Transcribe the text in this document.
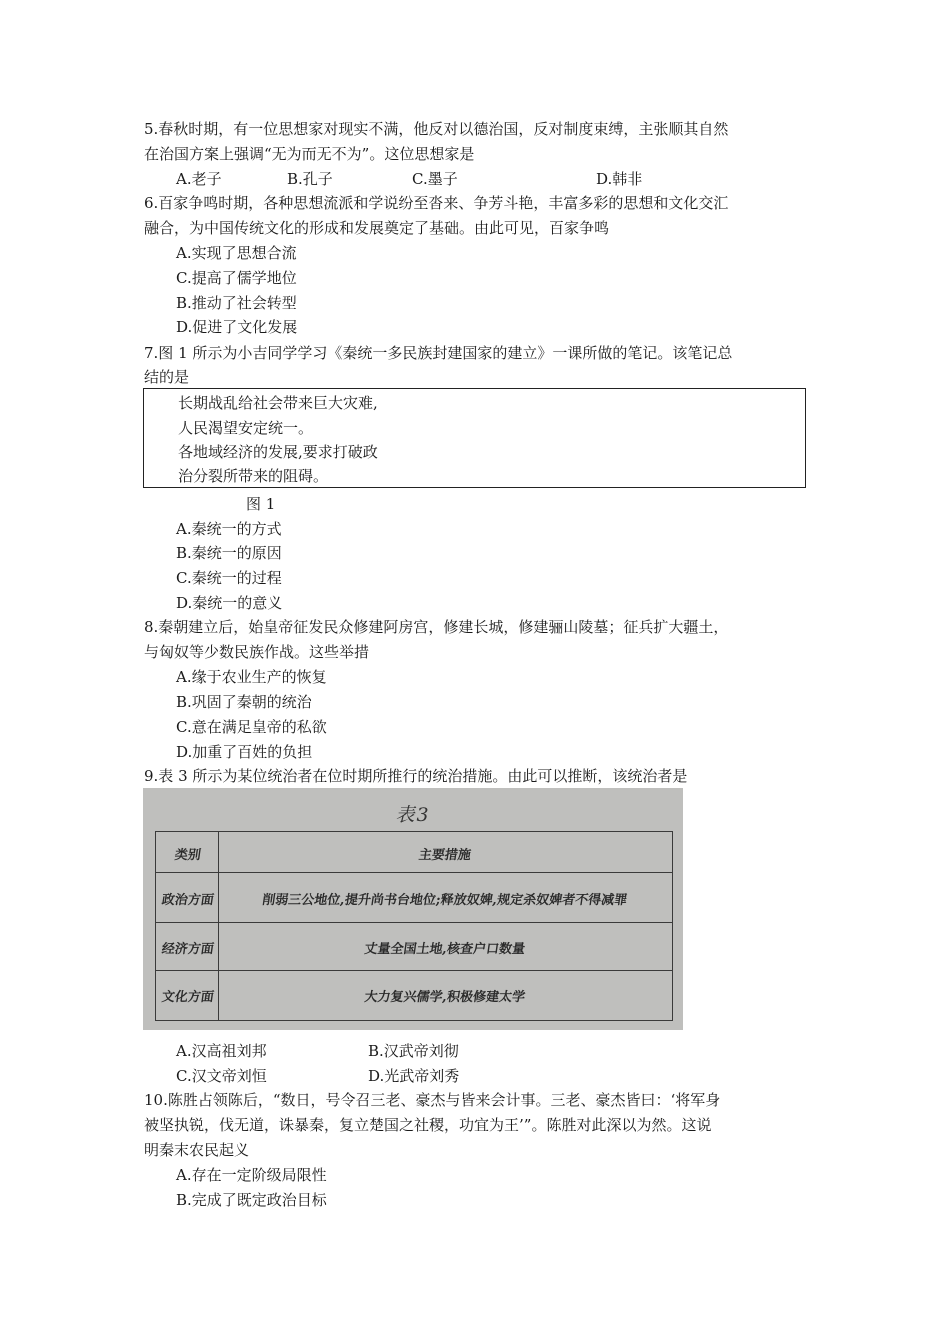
5.春秋时期，有一位思想家对现实不满，他反对以德治国，反对制度束缚，主张顺其自然
在治国方案上强调“无为而无不为”。这位思想家是
A.老子	B.孔子	C.墨子	D.韩非
6.百家争鸣时期，各种思想流派和学说纷至沓来、争芳斗艳，丰富多彩的思想和文化交汇
融合，为中国传统文化的形成和发展奠定了基础。由此可见，百家争鸣
A.实现了思想合流
C.提高了儒学地位
B.推动了社会转型
D.促进了文化发展
7.图 1 所示为小吉同学学习《秦统一多民族封建国家的建立》一课所做的笔记。该笔记总
结的是
长期战乱给社会带来巨大灾难,
人民渴望安定统一。
各地域经济的发展,要求打破政
治分裂所带来的阻碍。
图 1
A.秦统一的方式
B.秦统一的原因
C.秦统一的过程
D.秦统一的意义
8.秦朝建立后，始皇帝征发民众修建阿房宫，修建长城，修建骊山陵墓；征兵扩大疆土，
与匈奴等少数民族作战。这些举措
A.缘于农业生产的恢复
B.巩固了秦朝的统治
C.意在满足皇帝的私欲
D.加重了百姓的负担
9.表 3 所示为某位统治者在位时期所推行的统治措施。由此可以推断，该统治者是
表3
类别	主要措施
政治方面	削弱三公地位,提升尚书台地位;释放奴婢,规定杀奴婢者不得减罪
经济方面	丈量全国土地,核查户口数量
文化方面	大力复兴儒学,积极修建太学
A.汉高祖刘邦	B.汉武帝刘彻
C.汉文帝刘恒	D.光武帝刘秀
10.陈胜占领陈后，“数日，号令召三老、豪杰与皆来会计事。三老、豪杰皆曰：‘将军身
被坚执锐，伐无道，诛暴秦，复立楚国之社稷，功宜为王’”。陈胜对此深以为然。这说
明秦末农民起义
A.存在一定阶级局限性
B.完成了既定政治目标
